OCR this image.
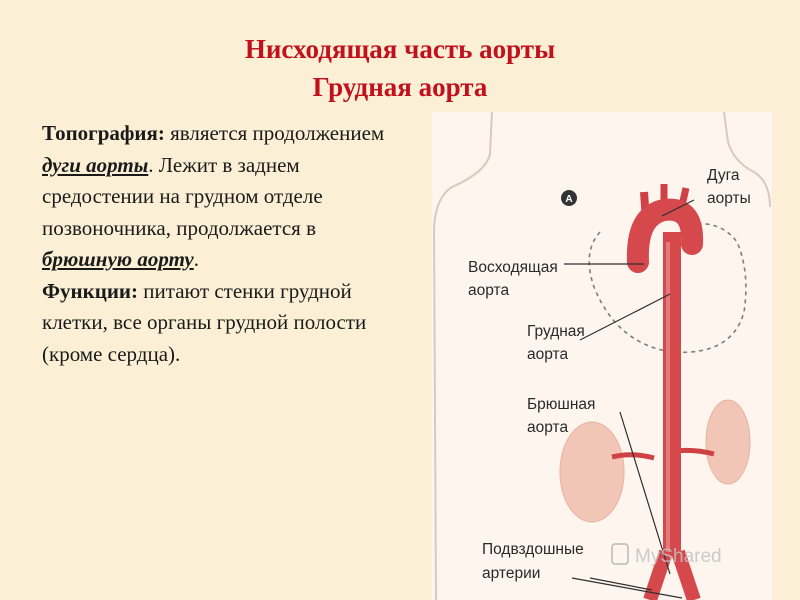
Нисходящая часть аорты
Грудная аорта
Топография: является продолжением дуги аорты. Лежит в заднем средостении на грудном отделе позвоночника, продолжается в брюшную аорту.
Функции: питают стенки грудной клетки, все органы грудной полости (кроме сердца).
A
Дуга
аорты
Восходящая
аорта
Грудная
аорта
Брюшная
аорта
Подвздошные
артерии
MyShared
